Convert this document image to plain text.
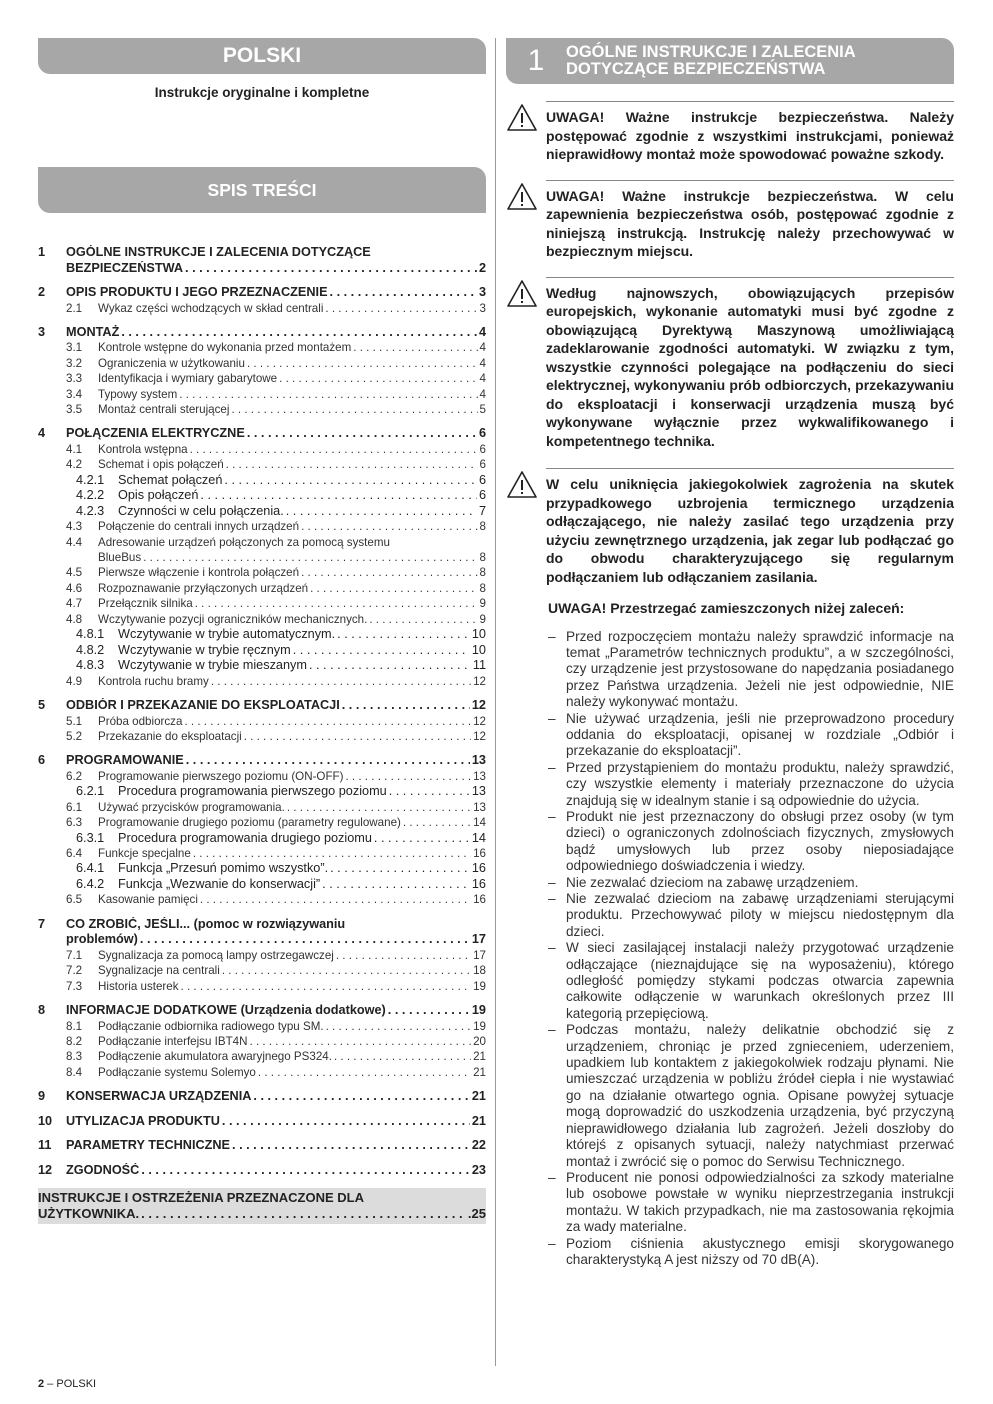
POLSKI
Instrukcje oryginalne i kompletne
SPIS TREŚCI
1	OGÓLNE INSTRUKCJE I ZALECENIA DOTYCZĄCE
BEZPIECZEŃSTWA . . .	2
2	OPIS PRODUKTU I JEGO PRZEZNACZENIE . . .	3
2.1	Wykaz części wchodzących w skład centrali . . .	3
3	MONTAŻ . . .	4
3.1	Kontrole wstępne do wykonania przed montażem . . .	4
3.2	Ograniczenia w użytkowaniu . . .	4
3.3	Identyfikacja i wymiary gabarytowe . . .	4
3.4	Typowy system . . .	4
3.5	Montaż centrali sterującej . . .	5
4	POŁĄCZENIA ELEKTRYCZNE . . .	6
4.1	Kontrola wstępna . . .	6
4.2	Schemat i opis połączeń . . .	6
4.2.1	Schemat połączeń . . .	6
4.2.2	Opis połączeń . . .	6
4.2.3	Czynności w celu połączenia. . . .	7
4.3	Połączenie do centrali innych urządzeń . . .	8
4.4	Adresowanie urządzeń połączonych za pomocą systemu
BlueBus . . .	8
4.5	Pierwsze włączenie i kontrola połączeń . . .	8
4.6	Rozpoznawanie przyłączonych urządzeń . . .	8
4.7	Przełącznik silnika . . .	9
4.8	Wczytywanie pozycji ograniczników mechanicznych. . . .	9
4.8.1	Wczytywanie w trybie automatycznym. . . .	10
4.8.2	Wczytywanie w trybie ręcznym . . .	10
4.8.3	Wczytywanie w trybie mieszanym . . .	11
4.9	Kontrola ruchu bramy . . .	12
5	ODBIÓR I PRZEKAZANIE DO EKSPLOATACJI . . .	12
5.1	Próba odbiorcza . . .	12
5.2	Przekazanie do eksploatacji . . .	12
6	PROGRAMOWANIE . . .	13
6.2	Programowanie pierwszego poziomu (ON-OFF) . . .	13
6.2.1	Procedura programowania pierwszego poziomu . . .	13
6.1	Używać przycisków programowania. . . .	13
6.3	Programowanie drugiego poziomu (parametry regulowane) . . .	14
6.3.1	Procedura programowania drugiego poziomu . . .	14
6.4	Funkcje specjalne . . .	16
6.4.1	Funkcja „Przesuń pomimo wszystko”. . . .	16
6.4.2	Funkcja „Wezwanie do konserwacji” . . .	16
6.5	Kasowanie pamięci . . .	16
7	CO ZROBIĆ, JEŚLI... (pomoc w rozwiązywaniu
problemów) . . .	17
7.1	Sygnalizacja za pomocą lampy ostrzegawczej . . .	17
7.2	Sygnalizacje na centrali . . .	18
7.3	Historia usterek . . .	19
8	INFORMACJE DODATKOWE (Urządzenia dodatkowe) . . .	19
8.1	Podłączanie odbiornika radiowego typu SM. . . .	19
8.2	Podłączanie interfejsu IBT4N . . .	20
8.3	Podłączenie akumulatora awaryjnego PS324. . . .	21
8.4	Podłączanie systemu Solemyo . . .	21
9	KONSERWACJA URZĄDZENIA . . .	21
10	UTYLIZACJA PRODUKTU . . .	21
11	PARAMETRY TECHNICZNE . . .	22
12	ZGODNOŚĆ . . .	23
INSTRUKCJE I OSTRZEŻENIA PRZEZNACZONE DLA
UŻYTKOWNIKA. . . .	.25
1	OGÓLNE INSTRUKCJE I ZALECENIA
DOTYCZĄCE BEZPIECZEŃSTWA
UWAGA! Ważne instrukcje bezpieczeństwa. Należy postępować zgodnie z wszystkimi instrukcjami, ponieważ nieprawidłowy montaż może spowodować poważne szkody.
UWAGA! Ważne instrukcje bezpieczeństwa. W celu zapewnienia bezpieczeństwa osób, postępować zgodnie z niniejszą instrukcją. Instrukcję należy przechowywać w bezpiecznym miejscu.
Według najnowszych, obowiązujących przepisów europejskich, wykonanie automatyki musi być zgodne z obowiązującą Dyrektywą Maszynową umożliwiającą zadeklarowanie zgodności automatyki. W związku z tym, wszystkie czynności polegające na podłączeniu do sieci elektrycznej, wykonywaniu prób odbiorczych, przekazywaniu do eksploatacji i konserwacji urządzenia muszą być wykonywane wyłącznie przez wykwalifikowanego i kompetentnego technika.
W celu uniknięcia jakiegokolwiek zagrożenia na skutek przypadkowego uzbrojenia termicznego urządzenia odłączającego, nie należy zasilać tego urządzenia przy użyciu zewnętrznego urządzenia, jak zegar lub podłączać go do obwodu charakteryzującego się regularnym podłączaniem lub odłączaniem zasilania.
UWAGA! Przestrzegać zamieszczonych niżej zaleceń:
– Przed rozpoczęciem montażu należy sprawdzić informacje na temat „Parametrów technicznych produktu”, a w szczególności, czy urządzenie jest przystosowane do napędzania posiadanego przez Państwa urządzenia. Jeżeli nie jest odpowiednie, NIE należy wykonywać montażu.
– Nie używać urządzenia, jeśli nie przeprowadzono procedury oddania do eksploatacji, opisanej w rozdziale „Odbiór i przekazanie do eksploatacji”.
– Przed przystąpieniem do montażu produktu, należy sprawdzić, czy wszystkie elementy i materiały przeznaczone do użycia znajdują się w idealnym stanie i są odpowiednie do użycia.
– Produkt nie jest przeznaczony do obsługi przez osoby (w tym dzieci) o ograniczonych zdolnościach fizycznych, zmysłowych bądź umysłowych lub przez osoby nieposiadające odpowiedniego doświadczenia i wiedzy.
– Nie zezwalać dzieciom na zabawę urządzeniem.
– Nie zezwalać dzieciom na zabawę urządzeniami sterującymi produktu. Przechowywać piloty w miejscu niedostępnym dla dzieci.
– W sieci zasilającej instalacji należy przygotować urządzenie odłączające (nieznajdujące się na wyposażeniu), którego odległość pomiędzy stykami podczas otwarcia zapewnia całkowite odłączenie w warunkach określonych przez III kategorią przepięciową.
– Podczas montażu, należy delikatnie obchodzić się z urządzeniem, chroniąc je przed zgnieceniem, uderzeniem, upadkiem lub kontaktem z jakiegokolwiek rodzaju płynami. Nie umieszczać urządzenia w pobliżu źródeł ciepła i nie wystawiać go na działanie otwartego ognia. Opisane powyżej sytuacje mogą doprowadzić do uszkodzenia urządzenia, być przyczyną nieprawidłowego działania lub zagrożeń. Jeżeli doszłoby do którejś z opisanych sytuacji, należy natychmiast przerwać montaż i zwrócić się o pomoc do Serwisu Technicznego.
– Producent nie ponosi odpowiedzialności za szkody materialne lub osobowe powstałe w wyniku nieprzestrzegania instrukcji montażu. W takich przypadkach, nie ma zastosowania rękojmia za wady materialne.
– Poziom ciśnienia akustycznego emisji skorygowanego charakterystyką A jest niższy od 70 dB(A).
2 – POLSKI
